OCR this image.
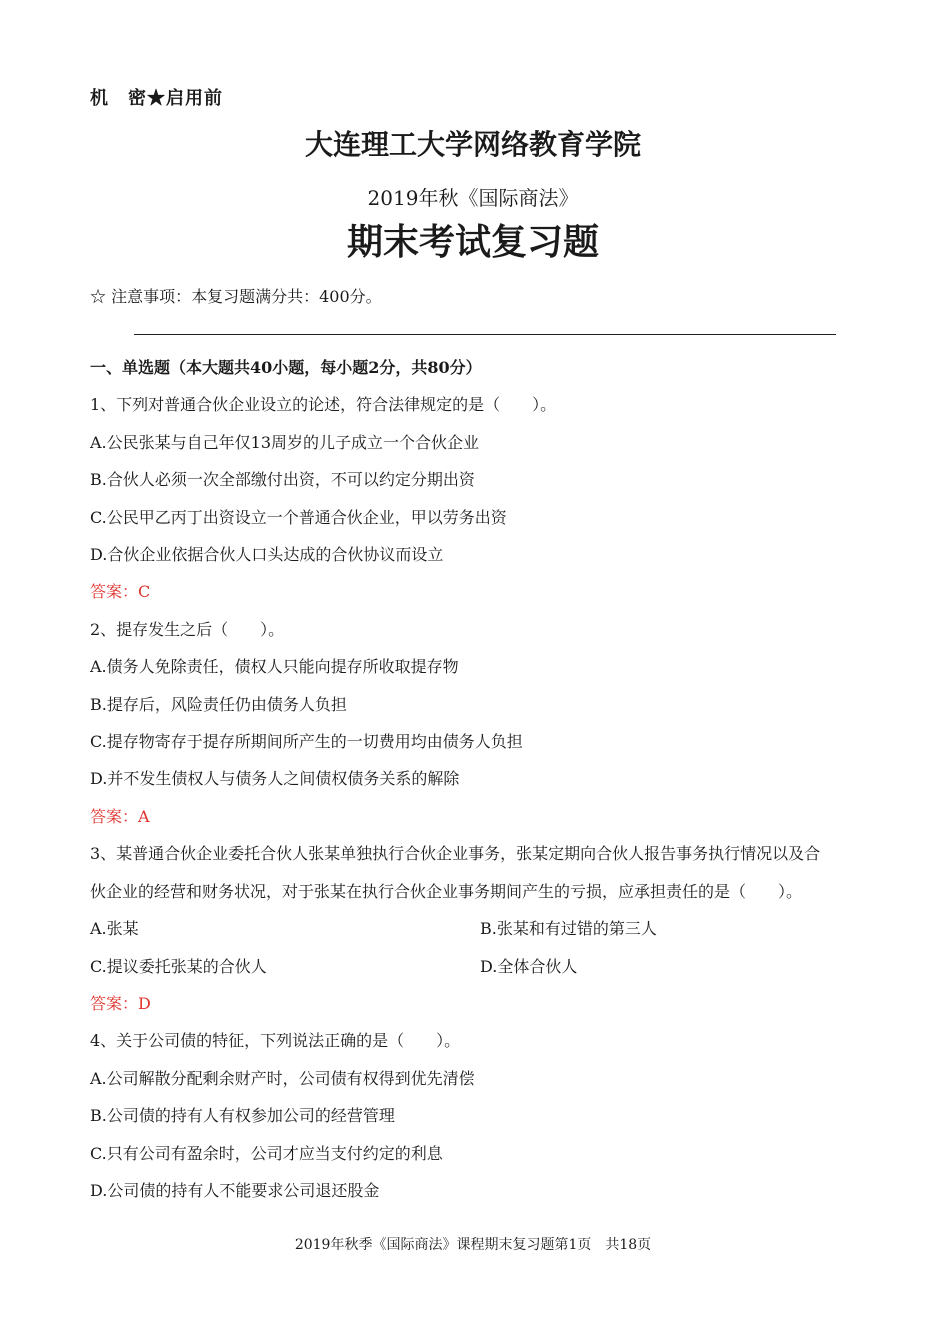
机　密★启用前
大连理工大学网络教育学院
2019年秋《国际商法》
期末考试复习题
☆ 注意事项：本复习题满分共：400分。
一、单选题（本大题共40小题，每小题2分，共80分）
1、下列对普通合伙企业设立的论述，符合法律规定的是（　　）。
A.公民张某与自己年仅13周岁的儿子成立一个合伙企业
B.合伙人必须一次全部缴付出资，不可以约定分期出资
C.公民甲乙丙丁出资设立一个普通合伙企业，甲以劳务出资
D.合伙企业依据合伙人口头达成的合伙协议而设立
答案：C
2、提存发生之后（　　）。
A.债务人免除责任，债权人只能向提存所收取提存物
B.提存后，风险责任仍由债务人负担
C.提存物寄存于提存所期间所产生的一切费用均由债务人负担
D.并不发生债权人与债务人之间债权债务关系的解除
答案：A
3、某普通合伙企业委托合伙人张某单独执行合伙企业事务，张某定期向合伙人报告事务执行情况以及合
伙企业的经营和财务状况，对于张某在执行合伙企业事务期间产生的亏损，应承担责任的是（　　）。
A.张某	B.张某和有过错的第三人
C.提议委托张某的合伙人	D.全体合伙人
答案：D
4、关于公司债的特征，下列说法正确的是（　　）。
A.公司解散分配剩余财产时，公司债有权得到优先清偿
B.公司债的持有人有权参加公司的经营管理
C.只有公司有盈余时，公司才应当支付约定的利息
D.公司债的持有人不能要求公司退还股金
2019年秋季《国际商法》课程期末复习题第1页　共18页
